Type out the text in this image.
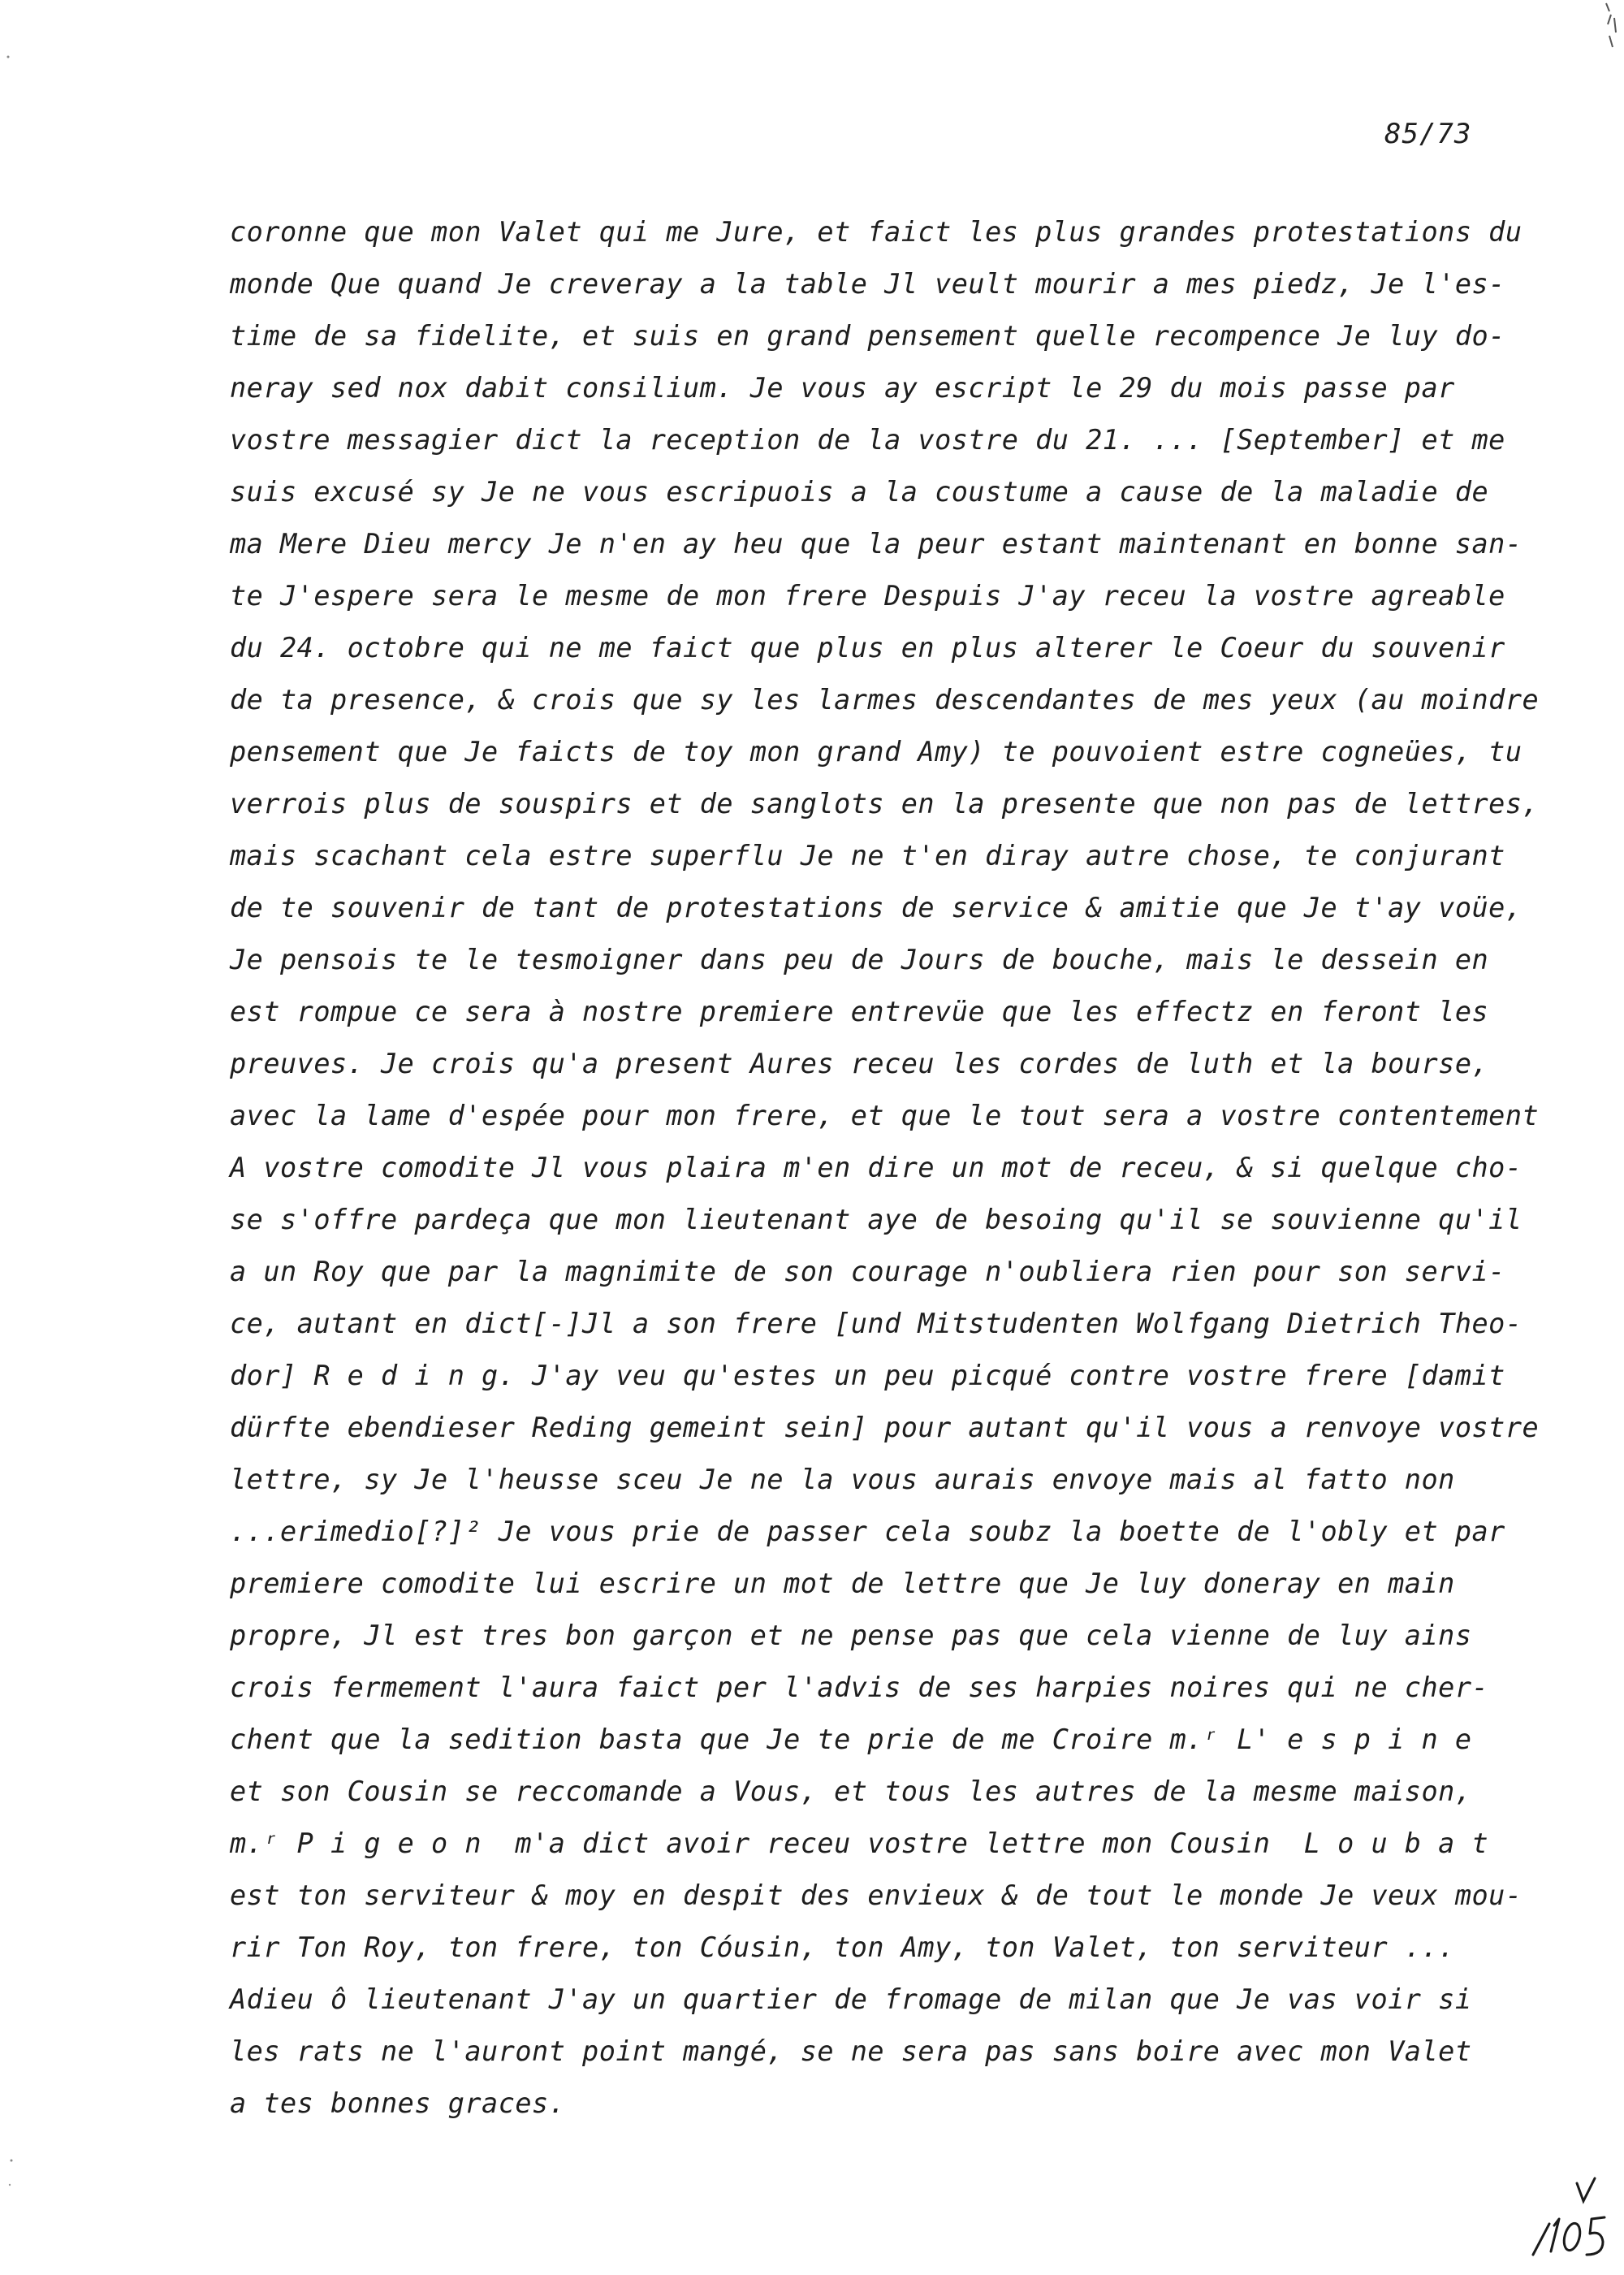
85/73
coronne que mon Valet qui me Jure, et faict les plus grandes protestations du
monde Que quand Je creveray a la table Jl veult mourir a mes piedz, Je l'es-
time de sa fidelite, et suis en grand pensement quelle recompence Je luy do-
neray sed nox dabit consilium. Je vous ay escript le 29 du mois passe par
vostre messagier dict la reception de la vostre du 21. ... [September] et me
suis excusé sy Je ne vous escripuois a la coustume a cause de la maladie de
ma Mere Dieu mercy Je n'en ay heu que la peur estant maintenant en bonne san-
te J'espere sera le mesme de mon frere Despuis J'ay receu la vostre agreable
du 24. octobre qui ne me faict que plus en plus alterer le Coeur du souvenir
de ta presence, & crois que sy les larmes descendantes de mes yeux (au moindre
pensement que Je faicts de toy mon grand Amy) te pouvoient estre cogneües, tu
verrois plus de souspirs et de sanglots en la presente que non pas de lettres,
mais scachant cela estre superflu Je ne t'en diray autre chose, te conjurant
de te souvenir de tant de protestations de service & amitie que Je t'ay voüe,
Je pensois te le tesmoigner dans peu de Jours de bouche, mais le dessein en
est rompue ce sera à nostre premiere entrevüe que les effectz en feront les
preuves. Je crois qu'a present Aures receu les cordes de luth et la bourse,
avec la lame d'espée pour mon frere, et que le tout sera a vostre contentement
A vostre comodite Jl vous plaira m'en dire un mot de receu, & si quelque cho-
se s'offre pardeça que mon lieutenant aye de besoing qu'il se souvienne qu'il
a un Roy que par la magnimite de son courage n'oubliera rien pour son servi-
ce, autant en dict[-]Jl a son frere [und Mitstudenten Wolfgang Dietrich Theo-
dor] R e d i n g. J'ay veu qu'estes un peu picqué contre vostre frere [damit
dürfte ebendieser Reding gemeint sein] pour autant qu'il vous a renvoye vostre
lettre, sy Je l'heusse sceu Je ne la vous aurais envoye mais al fatto non
...erimedio[?]² Je vous prie de passer cela soubz la boette de l'obly et par
premiere comodite lui escrire un mot de lettre que Je luy doneray en main
propre, Jl est tres bon garçon et ne pense pas que cela vienne de luy ains
crois fermement l'aura faict per l'advis de ses harpies noires qui ne cher-
chent que la sedition basta que Je te prie de me Croire m.ʳ L' e s p i n e
et son Cousin se reccomande a Vous, et tous les autres de la mesme maison,
m.ʳ P i g e o n  m'a dict avoir receu vostre lettre mon Cousin  L o u b a t
est ton serviteur & moy en despit des envieux & de tout le monde Je veux mou-
rir Ton Roy, ton frere, ton Cóusin, ton Amy, ton Valet, ton serviteur ...
Adieu ô lieutenant J'ay un quartier de fromage de milan que Je vas voir si
les rats ne l'auront point mangé, se ne sera pas sans boire avec mon Valet
a tes bonnes graces.
